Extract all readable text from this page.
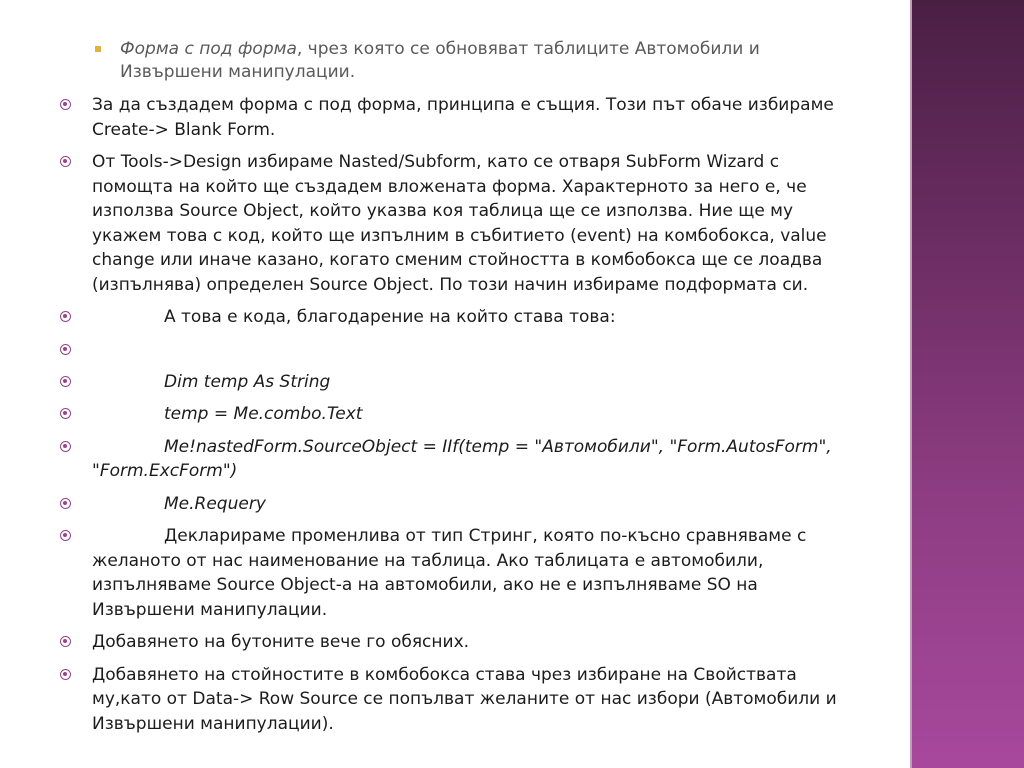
Форма с под форма, чрез която се обновяват таблиците Автомобили и Извършени манипулации.
За да създадем форма с под форма, принципа е същия. Този път обаче избираме Create-> Blank Form.
От Tools->Design избираме Nasted/Subform, като се отваря SubForm Wizard с помощта на който ще създадем вложената форма. Характерното за него е, че използва Source Object, който указва коя таблица ще се използва. Ние ще му укажем това с код, който ще изпълним в събитието (event) на комбобокса, value change или иначе казано, когато сменим стойността в комбобокса ще се лоадва (изпълнява) определен Source Object. По този начин избираме подформата си.
А това е кода, благодарение на който става това:
Dim temp As String
temp = Me.combo.Text
Me!nastedForm.SourceObject = IIf(temp = "Автомобили", "Form.AutosForm", "Form.ExcForm")
Me.Requery
Декларираме променлива от тип Стринг, която по-късно сравняваме с желаното от нас наименование на таблица. Ако таблицата е автомобили, изпълняваме Source Object-а на автомобили, ако не е изпълняваме SO на Извършени манипулации.
Добавянето на бутоните вече го обясних.
Добавянето на стойностите в комбобокса става чрез избиране на Свойствата му,като от Data-> Row Source се попълват желаните от нас избори (Автомобили и Извършени манипулации).
